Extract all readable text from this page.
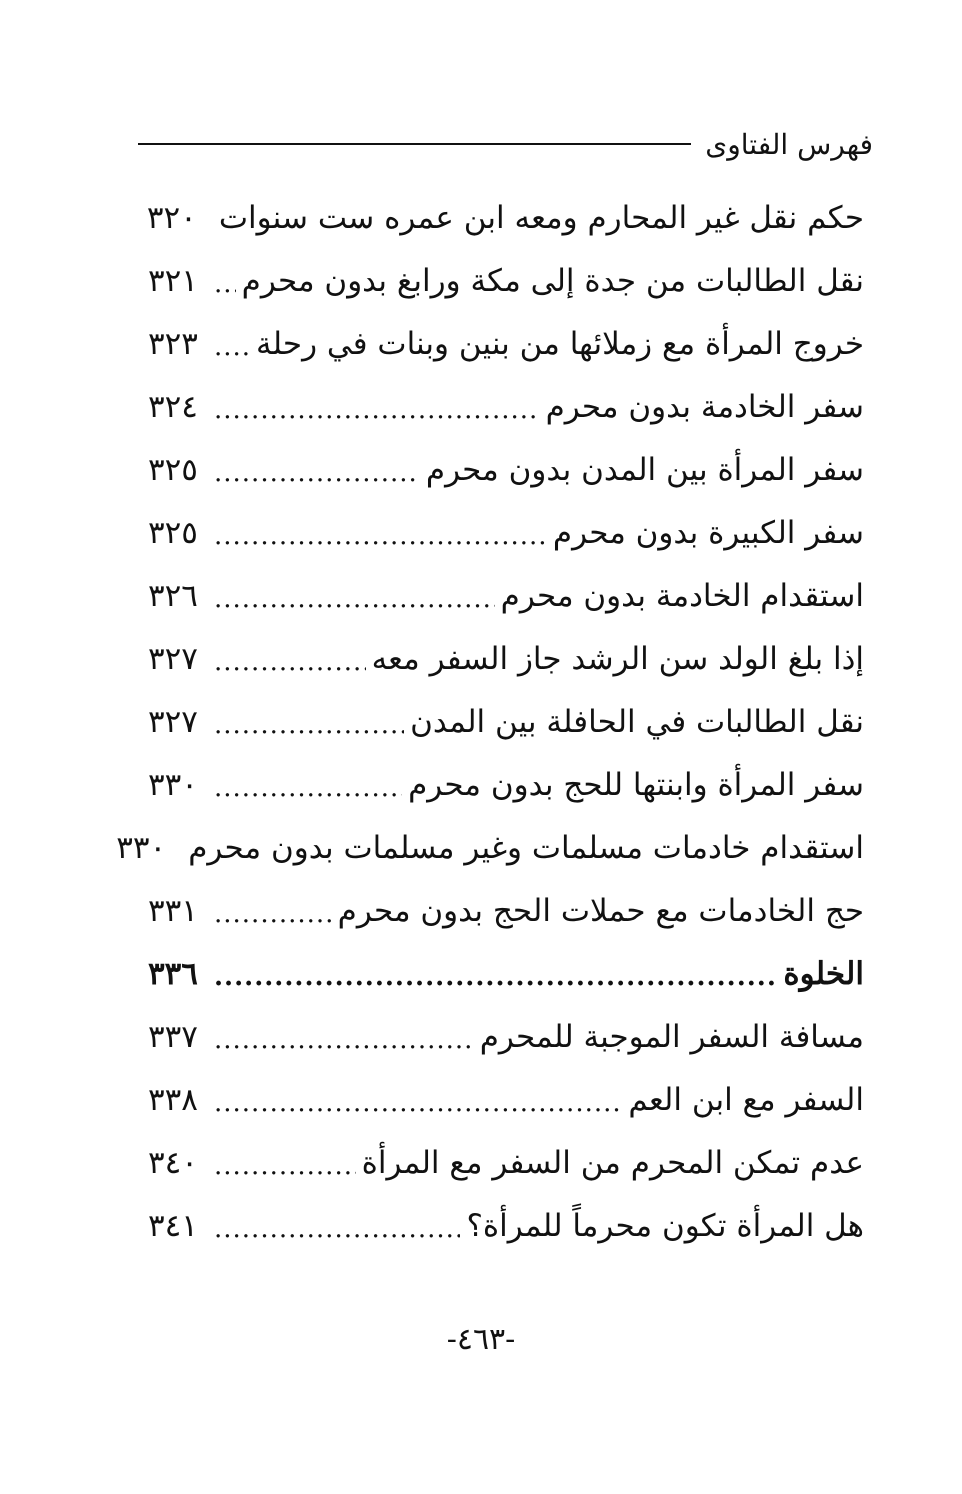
فهرس الفتاوى
حكم نقل غير المحارم ومعه ابن عمره ست سنوات
٣٢٠
نقل الطالبات من جدة إلى مكة ورابغ بدون محرم
.....
٣٢١
خروج المرأة مع زملائها من بنين وبنات في رحلة
.....
٣٢٣
سفر الخادمة بدون محرم
.....
٣٢٤
سفر المرأة بين المدن بدون محرم
.....
٣٢٥
سفر الكبيرة بدون محرم
.....
٣٢٥
استقدام الخادمة بدون محرم
.....
٣٢٦
إذا بلغ الولد سن الرشد جاز السفر معه
.....
٣٢٧
نقل الطالبات في الحافلة بين المدن
.....
٣٢٧
سفر المرأة وابنتها للحج بدون محرم
.....
٣٣٠
استقدام خادمات مسلمات وغير مسلمات بدون محرم
٣٣٠
حج الخادمات مع حملات الحج بدون محرم
.....
٣٣١
الخلوة
.....
٣٣٦
مسافة السفر الموجبة للمحرم
.....
٣٣٧
السفر مع ابن العم
.....
٣٣٨
عدم تمكن المحرم من السفر مع المرأة
.....
٣٤٠
هل المرأة تكون محرماً للمرأة؟
.....
٣٤١
-٤٦٣-
